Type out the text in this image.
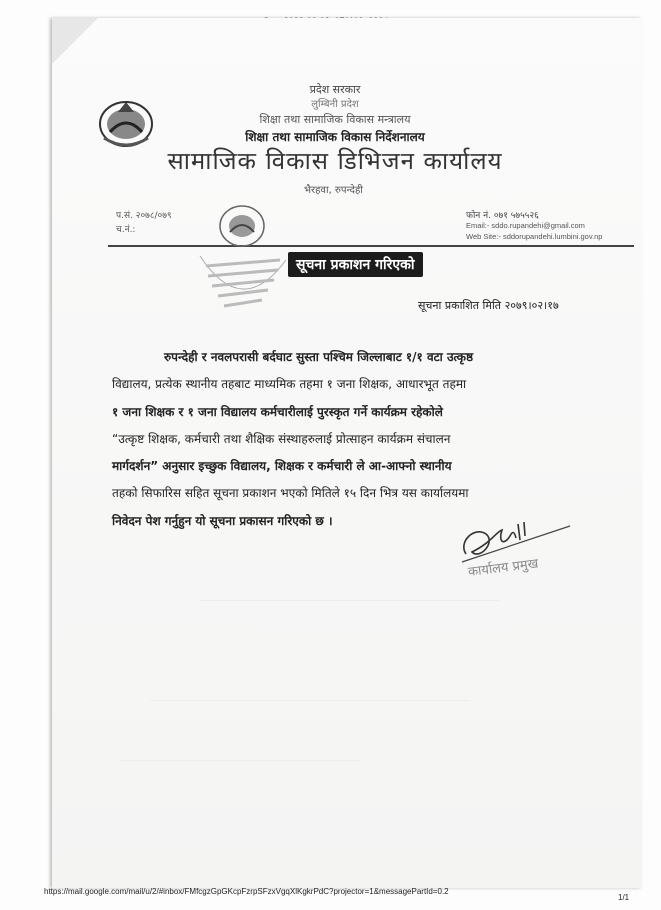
प्रदेश सरकार
लुम्बिनी प्रदेश
शिक्षा तथा सामाजिक विकास मन्त्रालय
शिक्षा तथा सामाजिक विकास निर्देशनालय
सामाजिक विकास डिभिजन कार्यालय
भैरहवा, रुपन्देही
प.सं. २०७८/०७९
च.नं.:
फोन नं. ०७१ ५७५५२६
Email:- sddo.rupandehi@gmail.com
Web Site:- sddorupandehi.lumbini.gov.np
सूचना प्रकाशन गरिएको
सूचना प्रकाशित मिति २०७९।०२।१७
रुपन्देही र नवलपरासी बर्दघाट सुस्ता पश्चिम जिल्लाबाट १/१ वटा उत्कृष्ठ
विद्यालय, प्रत्येक स्थानीय तहबाट माध्यमिक तहमा १ जना शिक्षक, आधारभूत तहमा
१ जना शिक्षक र १ जना विद्यालय कर्मचारीलाई पुरस्कृत गर्ने कार्यक्रम रहेकोले
“उत्कृष्ट शिक्षक, कर्मचारी तथा शैक्षिक संस्थाहरुलाई प्रोत्साहन कार्यक्रम संचालन
मार्गदर्शन” अनुसार इच्छुक विद्यालय, शिक्षक र कर्मचारी ले आ-आफ्नो स्थानीय
तहको सिफारिस सहित सूचना प्रकाशन भएको मितिले १५ दिन भित्र यस कार्यालयमा
निवेदन पेश गर्नुहुन यो सूचना प्रकासन गरिएको छ ।
कार्यालय प्रमुख
https://mail.google.com/mail/u/2/#inbox/FMfcgzGpGKcpFzrpSFzxVgqXlKgkrPdC?projector=1&messagePartId=0.2
1/1
